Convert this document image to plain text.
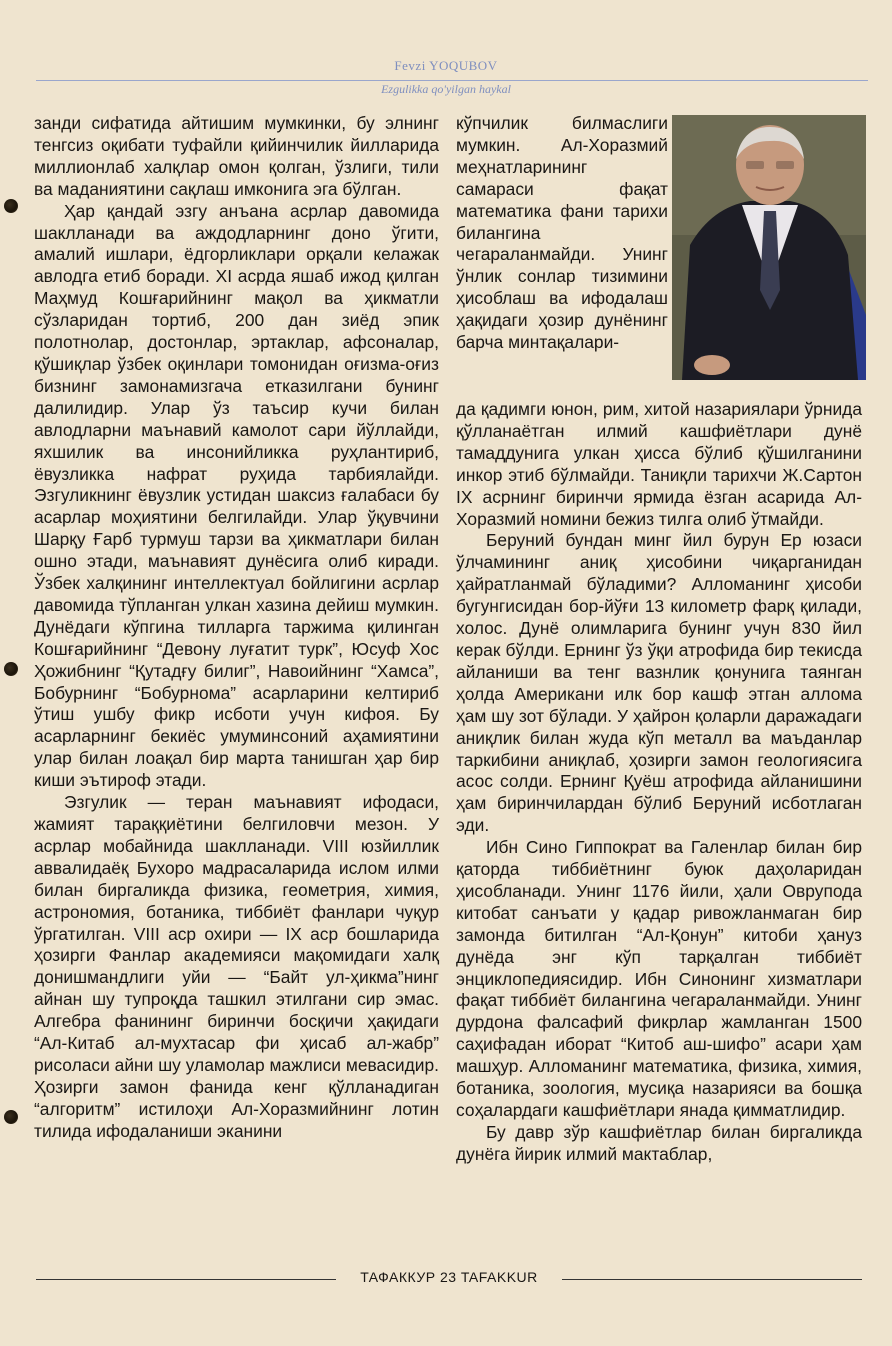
Fevzi YOQUBOV
Ezgulikka qo'yilgan haykal

занди сифатида айтишим мумкинки, бу элнинг тенгсиз оқибати туфайли қийинчилик йилларида миллионлаб халқлар омон қолган, ўзлиги, тили ва маданиятини сақлаш имконига эга бўлган.

Ҳар қандай эзгу анъана асрлар давомида шаклланади ва аждодларнинг доно ўгити, амалий ишлари, ёдгорликлари орқали келажак авлодга етиб боради. XI асрда яшаб ижод қилган Маҳмуд Кошғарийнинг мақол ва ҳикматли сўзларидан тортиб, 200 дан зиёд эпик полотнолар, достонлар, эртаклар, афсоналар, қўшиқлар ўзбек оқинлари томонидан оғизма-оғиз бизнинг замонамизгача етказилгани бунинг далилидир. Улар ўз таъсир кучи билан авлодларни маънавий камолот сари йўллайди, яхшилик ва инсонийликка руҳлантириб, ёвузликка нафрат руҳида тарбиялайди. Эзгуликнинг ёвузлик устидан шаксиз ғалабаси бу асарлар моҳиятини белгилайди. Улар ўқувчини Шарқу Ғарб турмуш тарзи ва ҳикматлари билан ошно этади, маънавият дунёсига олиб киради. Ўзбек халқининг интеллектуал бойлигини асрлар давомида тўпланган улкан хазина дейиш мумкин. Дунёдаги кўпгина тилларга таржима қилинган Кошғарийнинг “Девону луғатит турк”, Юсуф Хос Ҳожибнинг “Қутадғу билиг”, Навоийнинг “Хамса”, Бобурнинг “Бобурнома” асарларини келтириб ўтиш ушбу фикр исботи учун кифоя. Бу асарларнинг бекиёс умуминсоний аҳамиятини улар билан лоақал бир марта танишган ҳар бир киши эътироф этади.

Эзгулик — теран маънавият ифодаси, жамият тараққиётини белгиловчи мезон. У асрлар мобайнида шаклланади. VIII юзйиллик аввалидаёқ Бухоро мадрасаларида ислом илми билан биргаликда физика, геометрия, химия, астрономия, ботаника, тиббиёт фанлари чуқур ўргатилган. VIII аср охири — IX аср бошларида ҳозирги Фанлар академияси мақомидаги халқ донишмандлиги уйи — “Байт ул-ҳикма”нинг айнан шу тупроқда ташкил этилгани сир эмас. Алгебра фанининг биринчи босқичи ҳақидаги “Ал-Китаб ал-мухтасар фи ҳисаб ал-жабр” рисоласи айни шу уламолар мажлиси мевасидир. Ҳозирги замон фанида кенг қўлланадиган “алгоритм” истилоҳи Ал-Хоразмийнинг лотин тилида ифодаланиши эканини

кўпчилик билмаслиги мумкин. Ал-Хоразмий меҳнатларининг самараси фақат математика фани тарихи билангина чегараланмайди. Унинг ўнлик сонлар тизимини ҳисоблаш ва ифодалаш ҳақидаги ҳозир дунёнинг барча минтақалари-

да қадимги юнон, рим, хитой назариялари ўрнида қўлланаётган илмий кашфиётлари дунё тамаддунига улкан ҳисса бўлиб қўшилганини инкор этиб бўлмайди. Таниқли тарихчи Ж.Сартон IX асрнинг биринчи ярмида ёзган асарида Ал-Хоразмий номини бежиз тилга олиб ўтмайди.

Беруний бундан минг йил бурун Ер юзаси ўлчамининг аниқ ҳисобини чиқарганидан ҳайратланмай бўладими? Алломанинг ҳисоби бугунгисидан бор-йўғи 13 километр фарқ қилади, холос. Дунё олимларига бунинг учун 830 йил керак бўлди. Ернинг ўз ўқи атрофида бир текисда айланиши ва тенг вазнлик қонунига таянган ҳолда Американи илк бор кашф этган аллома ҳам шу зот бўлади. У ҳайрон қоларли даражадаги аниқлик билан жуда кўп металл ва маъданлар таркибини аниқлаб, ҳозирги замон геологиясига асос солди. Ернинг Қуёш атрофида айланишини ҳам биринчилардан бўлиб Беруний исботлаган эди.

Ибн Сино Гиппократ ва Галенлар билан бир қаторда тиббиётнинг буюк даҳоларидан ҳисобланади. Унинг 1176 йили, ҳали Оврупода китобат санъати у қадар ривожланмаган бир замонда битилган “Ал-Қонун” китоби ҳануз дунёда энг кўп тарқалган тиббиёт энциклопедиясидир. Ибн Синонинг хизматлари фақат тиббиёт билангина чегараланмайди. Унинг дурдона фалсафий фикрлар жамланган 1500 саҳифадан иборат “Китоб аш-шифо” асари ҳам машҳур. Алломанинг математика, физика, химия, ботаника, зоология, мусиқа назарияси ва бошқа соҳалардаги кашфиётлари янада қимматлидир.

Бу давр зўр кашфиётлар билан биргаликда дунёга йирик илмий мактаблар,

ТАФАККУР 23 TAFAKKUR
